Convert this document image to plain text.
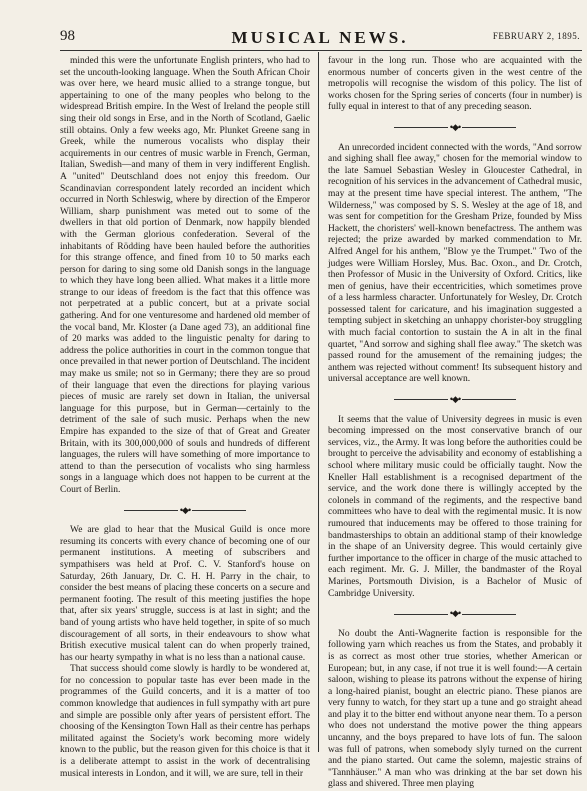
98	MUSICAL NEWS.	FEBRUARY 2, 1895.

minded this were the unfortunate English printers, who had to set the uncouth-looking language. When the South African Choir was over here, we heard music allied to a strange tongue, but appertaining to one of the many peoples who belong to the widespread British empire. In the West of Ireland the people still sing their old songs in Erse, and in the North of Scotland, Gaelic still obtains. Only a few weeks ago, Mr. Plunket Greene sang in Greek, while the numerous vocalists who display their acquirements in our centres of music warble in French, German, Italian, Swedish—and many of them in very indifferent English. A "united" Deutschland does not enjoy this freedom. Our Scandinavian correspondent lately recorded an incident which occurred in North Schleswig, where by direction of the Emperor William, sharp punishment was meted out to some of the dwellers in that old portion of Denmark, now happily blended with the German glorious confederation. Several of the inhabitants of Rödding have been hauled before the authorities for this strange offence, and fined from 10 to 50 marks each person for daring to sing some old Danish songs in the language to which they have long been allied. What makes it a little more strange to our ideas of freedom is the fact that this offence was not perpetrated at a public concert, but at a private social gathering. And for one venturesome and hardened old member of the vocal band, Mr. Kloster (a Dane aged 73), an additional fine of 20 marks was added to the linguistic penalty for daring to address the police authorities in court in the common tongue that once prevailed in that newer portion of Deutschland. The incident may make us smile; not so in Germany; there they are so proud of their language that even the directions for playing various pieces of music are rarely set down in Italian, the universal language for this purpose, but in German—certainly to the detriment of the sale of such music. Perhaps when the new Empire has expanded to the size of that of Great and Greater Britain, with its 300,000,000 of souls and hundreds of different languages, the rulers will have something of more importance to attend to than the persecution of vocalists who sing harmless songs in a language which does not happen to be current at the Court of Berlin.

•◆•

We are glad to hear that the Musical Guild is once more resuming its concerts with every chance of becoming one of our permanent institutions. A meeting of subscribers and sympathisers was held at Prof. C. V. Stanford's house on Saturday, 26th January, Dr. C. H. H. Parry in the chair, to consider the best means of placing these concerts on a secure and permanent footing. The result of this meeting justifies the hope that, after six years' struggle, success is at last in sight; and the band of young artists who have held together, in spite of so much discouragement of all sorts, in their endeavours to show what British executive musical talent can do when properly trained, has our hearty sympathy in what is no less than a national cause.

That success should come slowly is hardly to be wondered at, for no concession to popular taste has ever been made in the programmes of the Guild concerts, and it is a matter of too common knowledge that audiences in full sympathy with art pure and simple are possible only after years of persistent effort. The choosing of the Kensington Town Hall as their centre has perhaps militated against the Society's work becoming more widely known to the public, but the reason given for this choice is that it is a deliberate attempt to assist in the work of decentralising musical interests in London, and it will, we are sure, tell in their

favour in the long run. Those who are acquainted with the enormous number of concerts given in the west centre of the metropolis will recognise the wisdom of this policy. The list of works chosen for the Spring series of concerts (four in number) is fully equal in interest to that of any preceding season.

•◆•

An unrecorded incident connected with the words, "And sorrow and sighing shall flee away," chosen for the memorial window to the late Samuel Sebastian Wesley in Gloucester Cathedral, in recognition of his services in the advancement of Cathedral music, may at the present time have special interest. The anthem, "The Wilderness," was composed by S. S. Wesley at the age of 18, and was sent for competition for the Gresham Prize, founded by Miss Hackett, the choristers' well-known benefactress. The anthem was rejected; the prize awarded by marked commendation to Mr. Alfred Angel for his anthem, "Blow ye the Trumpet." Two of the judges were William Horsley, Mus. Bac. Oxon., and Dr. Crotch, then Professor of Music in the University of Oxford. Critics, like men of genius, have their eccentricities, which sometimes prove of a less harmless character. Unfortunately for Wesley, Dr. Crotch possessed talent for caricature, and his imagination suggested a tempting subject in sketching an unhappy chorister-boy struggling with much facial contortion to sustain the A in alt in the final quartet, "And sorrow and sighing shall flee away." The sketch was passed round for the amusement of the remaining judges; the anthem was rejected without comment! Its subsequent history and universal acceptance are well known.

•◆•

It seems that the value of University degrees in music is even becoming impressed on the most conservative branch of our services, viz., the Army. It was long before the authorities could be brought to perceive the advisability and economy of establishing a school where military music could be officially taught. Now the Kneller Hall establishment is a recognised department of the service, and the work done there is willingly accepted by the colonels in command of the regiments, and the respective band committees who have to deal with the regimental music. It is now rumoured that inducements may be offered to those training for bandmasterships to obtain an additional stamp of their knowledge in the shape of an University degree. This would certainly give further importance to the officer in charge of the music attached to each regiment. Mr. G. J. Miller, the bandmaster of the Royal Marines, Portsmouth Division, is a Bachelor of Music of Cambridge University.

•◆•

No doubt the Anti-Wagnerite faction is responsible for the following yarn which reaches us from the States, and probably it is as correct as most other true stories, whether American or European; but, in any case, if not true it is well found:—A certain saloon, wishing to please its patrons without the expense of hiring a long-haired pianist, bought an electric piano. These pianos are very funny to watch, for they start up a tune and go straight ahead and play it to the bitter end without anyone near them. To a person who does not understand the motive power the thing appears uncanny, and the boys prepared to have lots of fun. The saloon was full of patrons, when somebody slyly turned on the current and the piano started. Out came the solemn, majestic strains of "Tannhäuser." A man who was drinking at the bar set down his glass and shivered. Three men playing
